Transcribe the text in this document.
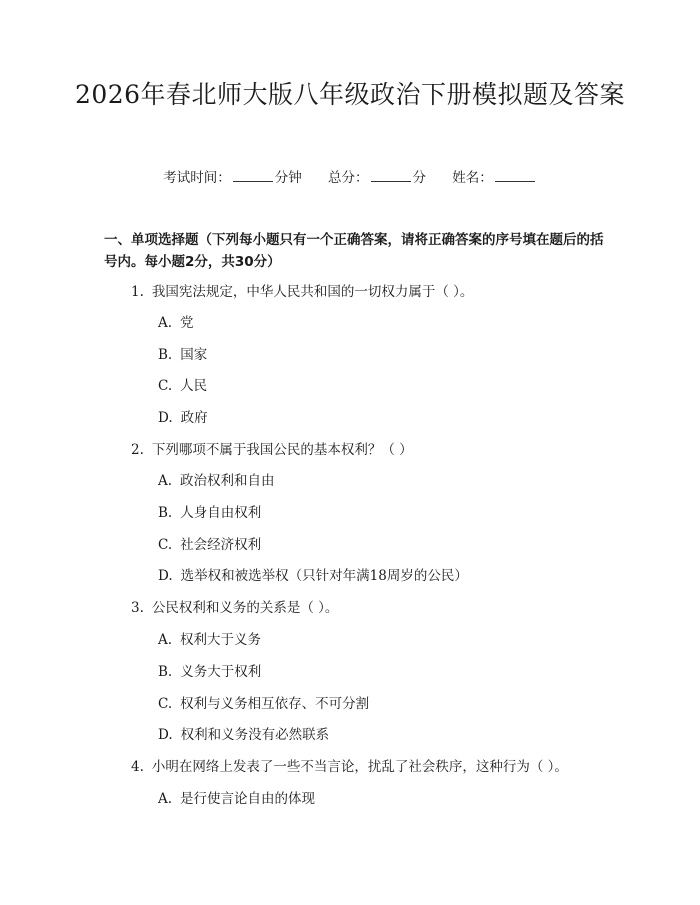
2026年春北师大版八年级政治下册模拟题及答案
考试时间：	分钟 总分：	分 姓名：

一、单项选择题（下列每小题只有一个正确答案，请将正确答案的序号填在题后的括号内。每小题2分，共30分）

1. 我国宪法规定，中华人民共和国的一切权力属于（ ）。
A. 党
B. 国家
C. 人民
D. 政府
2. 下列哪项不属于我国公民的基本权利？（ ）
A. 政治权利和自由
B. 人身自由权利
C. 社会经济权利
D. 选举权和被选举权（只针对年满18周岁的公民）
3. 公民权利和义务的关系是（ ）。
A. 权利大于义务
B. 义务大于权利
C. 权利与义务相互依存、不可分割
D. 权利和义务没有必然联系
4. 小明在网络上发表了一些不当言论，扰乱了社会秩序，这种行为（ ）。
A. 是行使言论自由的体现
